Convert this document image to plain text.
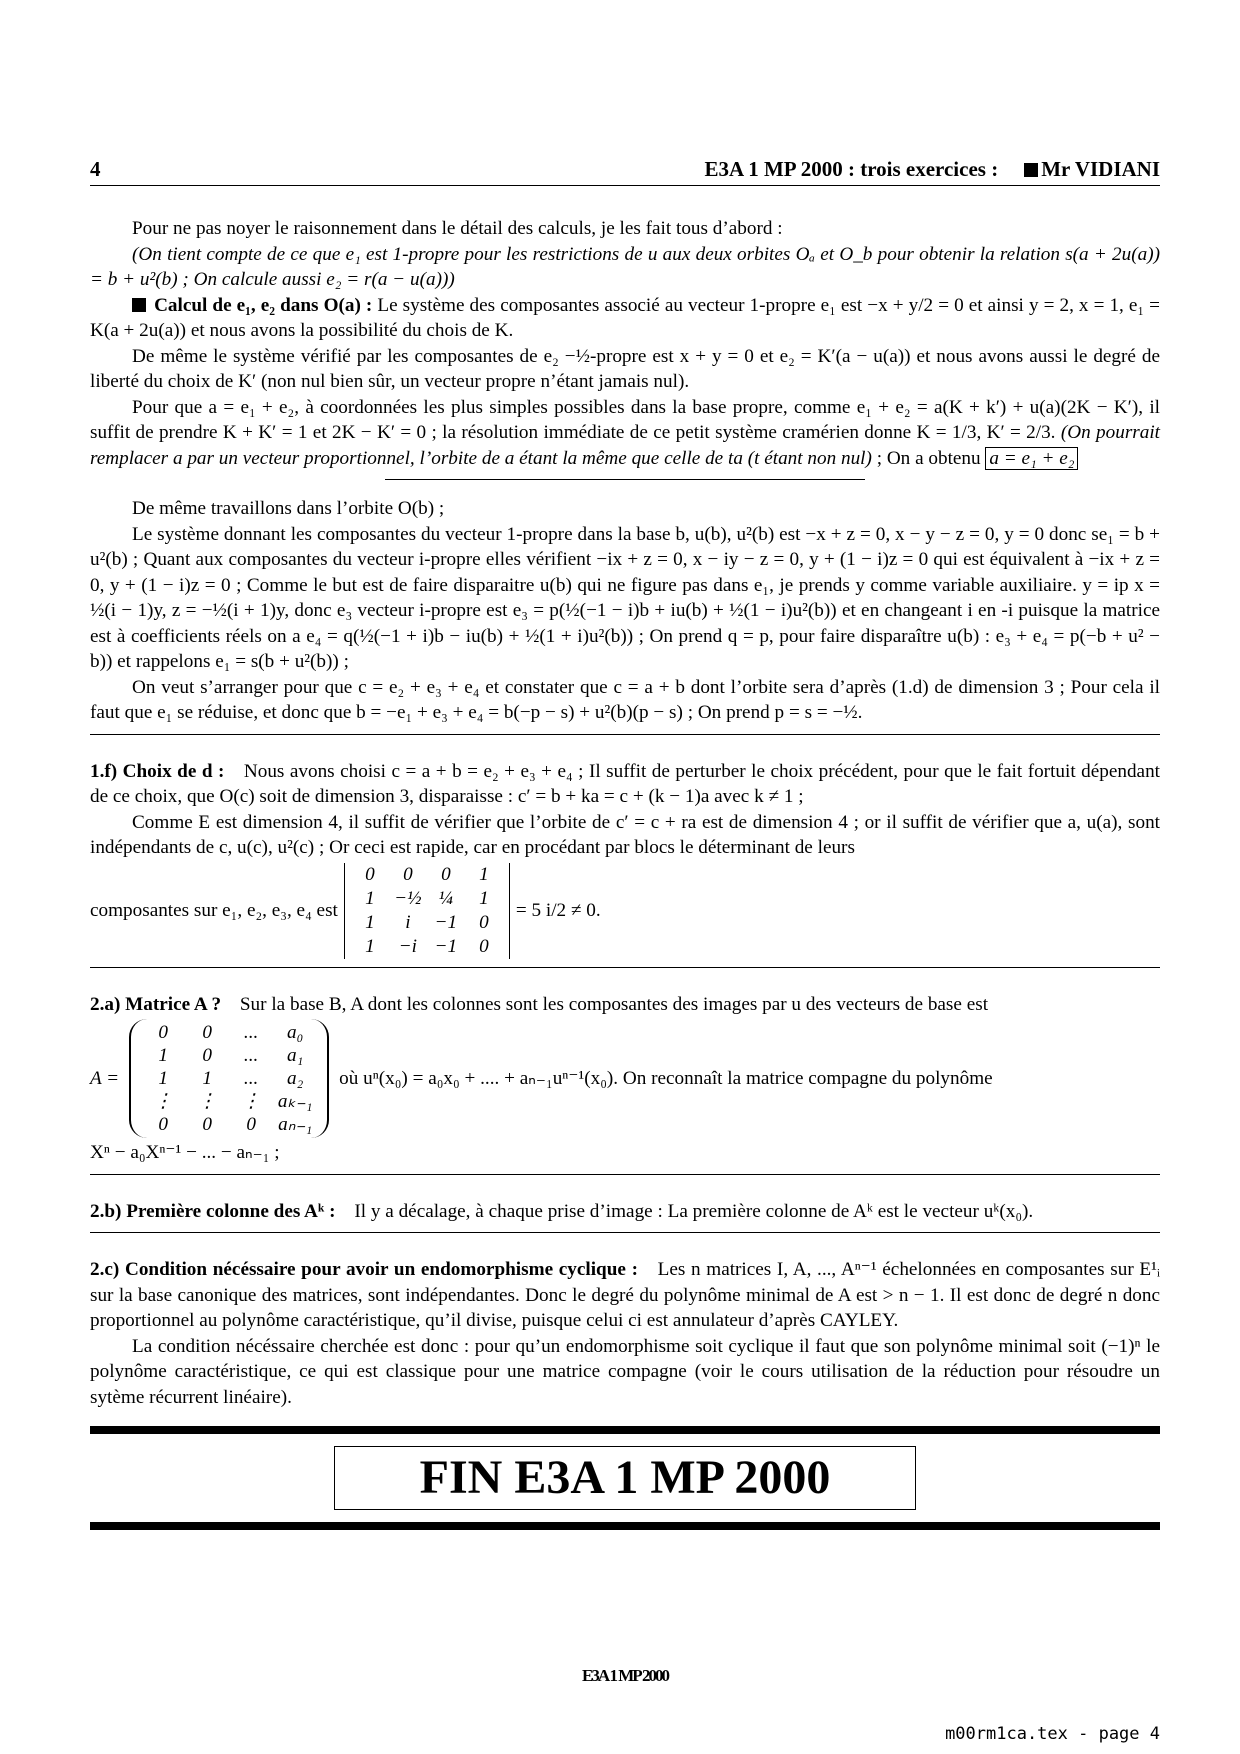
4	E3A 1 MP 2000 : trois exercices :	Mr VIDIANI

Pour ne pas noyer le raisonnement dans le détail des calculs, je les fait tous d’abord :

(On tient compte de ce que e₁ est 1-propre pour les restrictions de u aux deux orbites Oₐ et O_b pour obtenir la relation s(a + 2u(a)) = b + u²(b) ; On calcule aussi e₂ = r(a − u(a)))

Calcul de e₁, e₂ dans O(a) : Le système des composantes associé au vecteur 1-propre e₁ est −x + y/2 = 0 et ainsi y = 2, x = 1, e₁ = K(a + 2u(a)) et nous avons la possibilité du chois de K.

De même le système vérifié par les composantes de e₂ −½-propre est x + y = 0 et e₂ = K′(a − u(a)) et nous avons aussi le degré de liberté du choix de K′ (non nul bien sûr, un vecteur propre n’étant jamais nul).

Pour que a = e₁ + e₂, à coordonnées les plus simples possibles dans la base propre, comme e₁ + e₂ = a(K + k′) + u(a)(2K − K′), il suffit de prendre K + K′ = 1 et 2K − K′ = 0 ; la résolution immédiate de ce petit système cramérien donne K = 1/3, K′ = 2/3. (On pourrait remplacer a par un vecteur proportionnel, l’orbite de a étant la même que celle de ta (t étant non nul) ; On a obtenu a = e₁ + e₂

De même travaillons dans l’orbite O(b) ;

Le système donnant les composantes du vecteur 1-propre dans la base b, u(b), u²(b) est −x + z = 0, x − y − z = 0, y = 0 donc se₁ = b + u²(b) ; Quant aux composantes du vecteur i-propre elles vérifient −ix + z = 0, x − iy − z = 0, y + (1 − i)z = 0 qui est équivalent à −ix + z = 0, y + (1 − i)z = 0 ; Comme le but est de faire disparaitre u(b) qui ne figure pas dans e₁, je prends y comme variable auxiliaire. y = ip x = ½(i − 1)y, z = −½(i + 1)y, donc e₃ vecteur i-propre est e₃ = p(½(−1 − i)b + iu(b) + ½(1 − i)u²(b)) et en changeant i en -i puisque la matrice est à coefficients réels on a e₄ = q(½(−1 + i)b − iu(b) + ½(1 + i)u²(b)) ; On prend q = p, pour faire disparaître u(b) : e₃ + e₄ = p(−b + u² − b)) et rappelons e₁ = s(b + u²(b)) ;

On veut s’arranger pour que c = e₂ + e₃ + e₄ et constater que c = a + b dont l’orbite sera d’après (1.d) de dimension 3 ; Pour cela il faut que e₁ se réduise, et donc que b = −e₁ + e₃ + e₄ = b(−p − s) + u²(b)(p − s) ; On prend p = s = −½.

1.f) Choix de d : Nous avons choisi c = a + b = e₂ + e₃ + e₄ ; Il suffit de perturber le choix précédent, pour que le fait fortuit dépendant de ce choix, que O(c) soit de dimension 3, disparaisse : c′ = b + ka = c + (k − 1)a avec k ≠ 1 ;

Comme E est dimension 4, il suffit de vérifier que l’orbite de c′ = c + ra est de dimension 4 ; or il suffit de vérifier que a, u(a), sont indépendants de c, u(c), u²(c) ; Or ceci est rapide, car en procédant par blocs le déterminant de leurs

composantes sur e₁, e₂, e₃, e₄ est
0	0	0	1
1	−½ ¼	1
1	i	−1	0
1	−i −1	0
= 5 i/2 ≠ 0.

2.a) Matrice A ? Sur la base B, A dont les colonnes sont les composantes des images par u des vecteurs de base est

A =
0	0	...	a₀
1	0	...	a₁
1	1	...	a₂
⋮	⋮	⋮ aₖ₋₁
0	0	0	aₙ₋₁
où uⁿ(x₀) = a₀x₀ + .... + aₙ₋₁uⁿ⁻¹(x₀). On reconnaît la matrice compagne du polynôme

Xⁿ − a₀Xⁿ⁻¹ − ... − aₙ₋₁ ;

2.b) Première colonne des Aᵏ : Il y a décalage, à chaque prise d’image : La première colonne de Aᵏ est le vecteur uᵏ(x₀).

2.c) Condition nécéssaire pour avoir un endomorphisme cyclique : Les n matrices I, A, ..., Aⁿ⁻¹ échelonnées en composantes sur E¹ᵢ sur la base canonique des matrices, sont indépendantes. Donc le degré du polynôme minimal de A est > n − 1. Il est donc de degré n donc proportionnel au polynôme caractéristique, qu’il divise, puisque celui ci est annulateur d’après CAYLEY.

La condition nécéssaire cherchée est donc : pour qu’un endomorphisme soit cyclique il faut que son polynôme minimal soit (−1)ⁿ le polynôme caractéristique, ce qui est classique pour une matrice compagne (voir le cours utilisation de la réduction pour résoudre un sytème récurrent linéaire).

FIN E3A 1 MP 2000
E3A 1 MP 2000
m00rm1ca.tex - page 4
